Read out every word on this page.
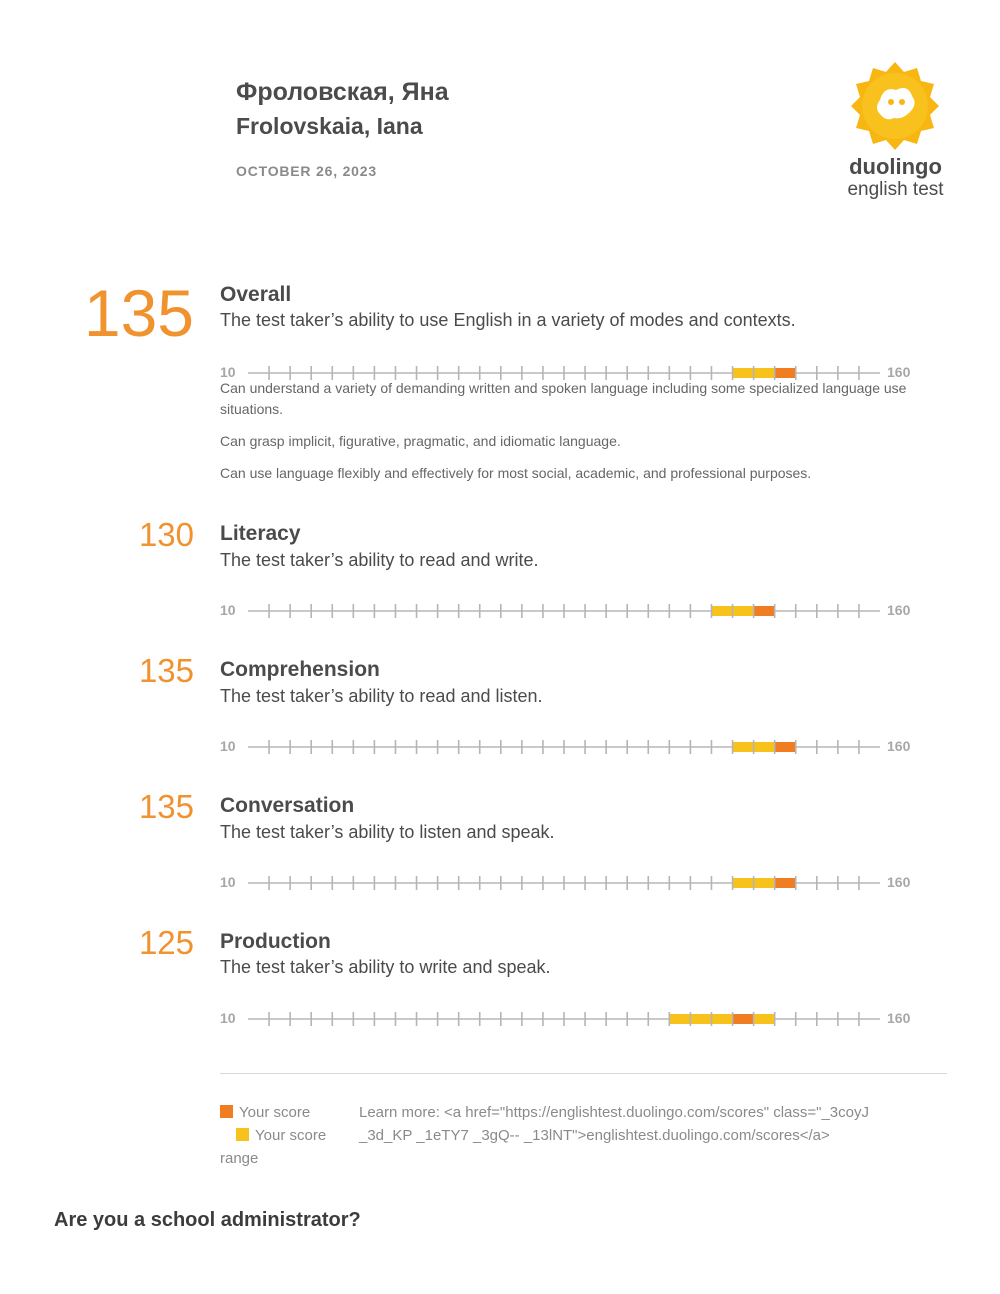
Фроловская, Яна
Frolovskaia, Iana
OCTOBER 26, 2023	duolingo
english test
135 Overall
The test taker’s ability to use English in a variety of modes and contexts.
10	160

Can understand a variety of demanding written and spoken language including some specialized language use situations.

Can grasp implicit, figurative, pragmatic, and idiomatic language.

Can use language flexibly and effectively for most social, academic, and professional purposes.

130 Literacy
The test taker’s ability to read and write.
10	160
135 Comprehension
The test taker’s ability to read and listen.
10	160
135 Conversation
The test taker’s ability to listen and speak.
10	160
125 Production
The test taker’s ability to write and speak.
10	160
Your score
Your score
range
Learn more: <a href="https://englishtest.duolingo.com/scores" class="_3coyJ _3d_KP _1eTY7 _3gQ-- _13lNT">englishtest.duolingo.com/scores</a>
Are you a school administrator?
